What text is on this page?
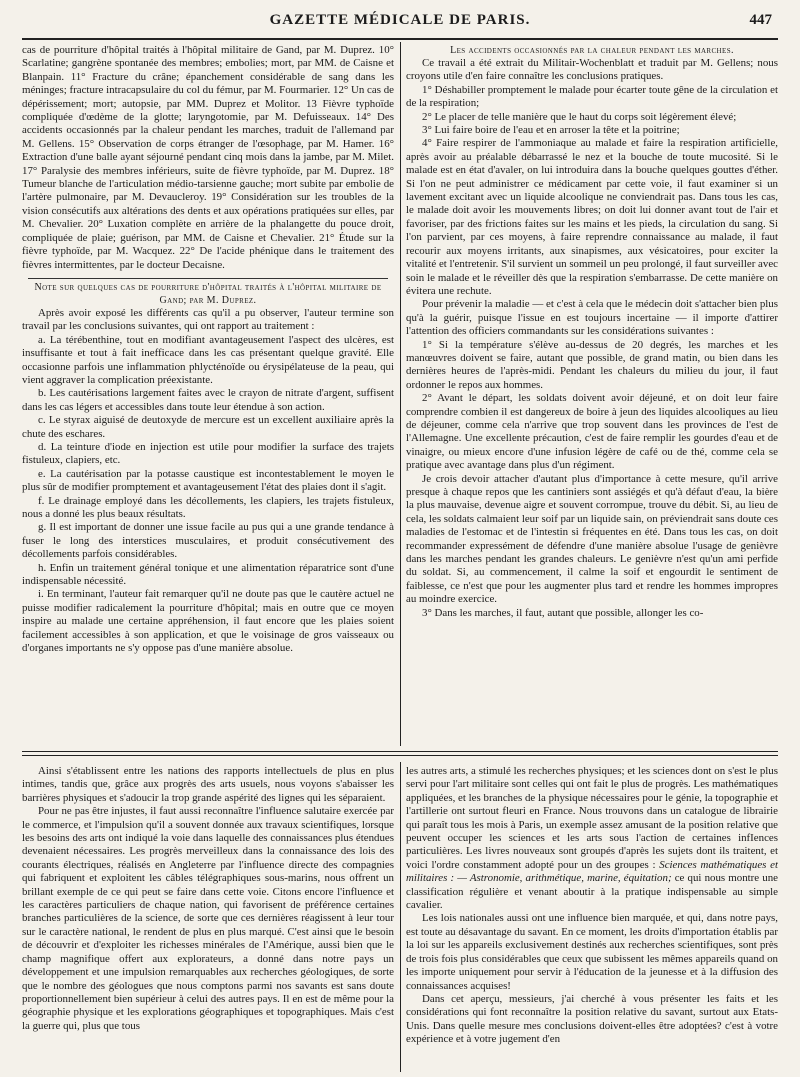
GAZETTE MÉDICALE DE PARIS.	447

cas de pourriture d'hôpital traités à l'hôpital militaire de Gand, par M. Duprez. 10° Scarlatine; gangrène spontanée des membres; embolies; mort, par MM. de Caisne et Blanpain. 11° Fracture du crâne; épanchement considérable de sang dans les méninges; fracture intracapsulaire du col du fémur, par M. Fourmarier. 12° Un cas de dépérissement; mort; autopsie, par MM. Duprez et Molitor. 13 Fièvre typhoïde compliquée d'œdème de la glotte; laryngotomie, par M. Defuisseaux. 14° Des accidents occasionnés par la chaleur pendant les marches, traduit de l'allemand par M. Gellens. 15° Observation de corps étranger de l'œsophage, par M. Hamer. 16° Extraction d'une balle ayant séjourné pendant cinq mois dans la jambe, par M. Milet. 17° Paralysie des membres inférieurs, suite de fièvre typhoïde, par M. Duprez. 18° Tumeur blanche de l'articulation médio-tarsienne gauche; mort subite par embolie de l'artère pulmonaire, par M. Devaucleroy. 19° Considération sur les troubles de la vision consécutifs aux altérations des dents et aux opérations pratiquées sur elles, par M. Chevalier. 20° Luxation complète en arrière de la phalangette du pouce droit, compliquée de plaie; guérison, par MM. de Caisne et Chevalier. 21° Étude sur la fièvre typhoïde, par M. Wacquez. 22° De l'acide phénique dans le traitement des fièvres intermittentes, par le docteur Decaisne.

Note sur quelques cas de pourriture d'hôpital traités à l'hôpital militaire de Gand; par M. Duprez.

Après avoir exposé les différents cas qu'il a pu observer, l'auteur termine son travail par les conclusions suivantes, qui ont rapport au traitement :

a. La térébenthine, tout en modifiant avantageusement l'aspect des ulcères, est insuffisante et tout à fait inefficace dans les cas présentant quelque gravité. Elle occasionne parfois une inflammation phlycténoïde ou érysipélateuse de la peau, qui vient aggraver la complication préexistante.

b. Les cautérisations largement faites avec le crayon de nitrate d'argent, suffisent dans les cas légers et accessibles dans toute leur étendue à son action.

c. Le styrax aiguisé de deutoxyde de mercure est un excellent auxiliaire après la chute des eschares.

d. La teinture d'iode en injection est utile pour modifier la surface des trajets fistuleux, clapiers, etc.

e. La cautérisation par la potasse caustique est incontestablement le moyen le plus sûr de modifier promptement et avantageusement l'état des plaies dont il s'agit.

f. Le drainage employé dans les décollements, les clapiers, les trajets fistuleux, nous a donné les plus beaux résultats.

g. Il est important de donner une issue facile au pus qui a une grande tendance à fuser le long des interstices musculaires, et produit consécutivement des décollements parfois considérables.

h. Enfin un traitement général tonique et une alimentation réparatrice sont d'une indispensable nécessité.

i. En terminant, l'auteur fait remarquer qu'il ne doute pas que le cautère actuel ne puisse modifier radicalement la pourriture d'hôpital; mais en outre que ce moyen inspire au malade une certaine appréhension, il faut encore que les plaies soient facilement accessibles à son application, et que le voisinage de gros vaisseaux ou d'organes importants ne s'y oppose pas d'une manière absolue.

Les accidents occasionnés par la chaleur pendant les marches.

Ce travail a été extrait du Militair-Wochenblatt et traduit par M. Gellens; nous croyons utile d'en faire connaître les conclusions pratiques.

1° Déshabiller promptement le malade pour écarter toute gêne de la circulation et de la respiration;

2° Le placer de telle manière que le haut du corps soit légèrement élevé;

3° Lui faire boire de l'eau et en arroser la tête et la poitrine;

4° Faire respirer de l'ammoniaque au malade et faire la respiration artificielle, après avoir au préalable débarrassé le nez et la bouche de toute mucosité. Si le malade est en état d'avaler, on lui introduira dans la bouche quelques gouttes d'éther. Si l'on ne peut administrer ce médicament par cette voie, il faut examiner si un lavement excitant avec un liquide alcoolique ne conviendrait pas. Dans tous les cas, le malade doit avoir les mouvements libres; on doit lui donner avant tout de l'air et favoriser, par des frictions faites sur les mains et les pieds, la circulation du sang. Si l'on parvient, par ces moyens, à faire reprendre connaissance au malade, il faut recourir aux moyens irritants, aux sinapismes, aux vésicatoires, pour exciter la vitalité et l'entretenir. S'il survient un sommeil un peu prolongé, il faut surveiller avec soin le malade et le réveiller dès que la respiration s'embarrasse. De cette manière on évitera une rechute.

Pour prévenir la maladie — et c'est à cela que le médecin doit s'attacher bien plus qu'à la guérir, puisque l'issue en est toujours incertaine — il importe d'attirer l'attention des officiers commandants sur les considérations suivantes :

1° Si la température s'élève au-dessus de 20 degrés, les marches et les manœuvres doivent se faire, autant que possible, de grand matin, ou bien dans les dernières heures de l'après-midi. Pendant les chaleurs du milieu du jour, il faut ordonner le repos aux hommes.

2° Avant le départ, les soldats doivent avoir déjeuné, et on doit leur faire comprendre combien il est dangereux de boire à jeun des liquides alcooliques au lieu de déjeuner, comme cela n'arrive que trop souvent dans les provinces de l'est de l'Allemagne. Une excellente précaution, c'est de faire remplir les gourdes d'eau et de vinaigre, ou mieux encore d'une infusion légère de café ou de thé, comme cela se pratique avec avantage dans plus d'un régiment.

Je crois devoir attacher d'autant plus d'importance à cette mesure, qu'il arrive presque à chaque repos que les cantiniers sont assiégés et qu'à défaut d'eau, la bière la plus mauvaise, devenue aigre et souvent corrompue, trouve du débit. Si, au lieu de cela, les soldats calmaient leur soif par un liquide sain, on préviendrait sans doute ces maladies de l'estomac et de l'intestin si fréquentes en été. Dans tous les cas, on doit recommander expressément de défendre d'une manière absolue l'usage de genièvre dans les marches pendant les grandes chaleurs. Le genièvre n'est qu'un ami perfide du soldat. Si, au commencement, il calme la soif et engourdit le sentiment de faiblesse, ce n'est que pour les augmenter plus tard et rendre les hommes impropres au moindre exercice.

3° Dans les marches, il faut, autant que possible, allonger les co-

Ainsi s'établissent entre les nations des rapports intellectuels de plus en plus intimes, tandis que, grâce aux progrès des arts usuels, nous voyons s'abaisser les barrières physiques et s'adoucir la trop grande aspérité des lignes qui les séparaient.

Pour ne pas être injustes, il faut aussi reconnaître l'influence salutaire exercée par le commerce, et l'impulsion qu'il a souvent donnée aux travaux scientifiques, lorsque les besoins des arts ont indiqué la voie dans laquelle des connaissances plus étendues devenaient nécessaires. Les progrès merveilleux dans la connaissance des lois des courants électriques, réalisés en Angleterre par l'influence directe des compagnies qui fabriquent et exploitent les câbles télégraphiques sous-marins, nous offrent un brillant exemple de ce qui peut se faire dans cette voie. Citons encore l'influence et les caractères particuliers de chaque nation, qui favorisent de préférence certaines branches particulières de la science, de sorte que ces dernières réagissent à leur tour sur le caractère national, le rendent de plus en plus marqué. C'est ainsi que le besoin de découvrir et d'exploiter les richesses minérales de l'Amérique, aussi bien que le champ magnifique offert aux explorateurs, a donné dans notre pays un développement et une impulsion remarquables aux recherches géologiques, de sorte que le nombre des géologues que nous comptons parmi nos savants est sans doute proportionnellement bien supérieur à celui des autres pays. Il en est de même pour la géographie physique et les explorations géographiques et topographiques. Mais c'est la guerre qui, plus que tous

les autres arts, a stimulé les recherches physiques; et les sciences dont on s'est le plus servi pour l'art militaire sont celles qui ont fait le plus de progrès. Les mathématiques appliquées, et les branches de la physique nécessaires pour le génie, la topographie et l'artillerie ont surtout fleuri en France. Nous trouvons dans un catalogue de librairie qui paraît tous les mois à Paris, un exemple assez amusant de la position relative que peuvent occuper les sciences et les arts sous l'action de certaines infIences particulières. Les livres nouveaux sont groupés d'après les sujets dont ils traitent, et voici l'ordre constamment adopté pour un des groupes : Sciences mathématiques et militaires : — Astronomie, arithmétique, marine, équitation; ce qui nous montre une classification régulière et venant aboutir à la pratique indispensable au simple cavalier.

Les lois nationales aussi ont une influence bien marquée, et qui, dans notre pays, est toute au désavantage du savant. En ce moment, les droits d'importation établis par la loi sur les appareils exclusivement destinés aux recherches scientifiques, sont près de trois fois plus considérables que ceux que subissent les mêmes appareils quand on les importe uniquement pour servir à l'éducation de la jeunesse et à la diffusion des connaissances acquises!

Dans cet aperçu, messieurs, j'ai cherché à vous présenter les faits et les considérations qui font reconnaître la position relative du savant, surtout aux Etats-Unis. Dans quelle mesure mes conclusions doivent-elles être adoptées? c'est à votre expérience et à votre jugement d'en
